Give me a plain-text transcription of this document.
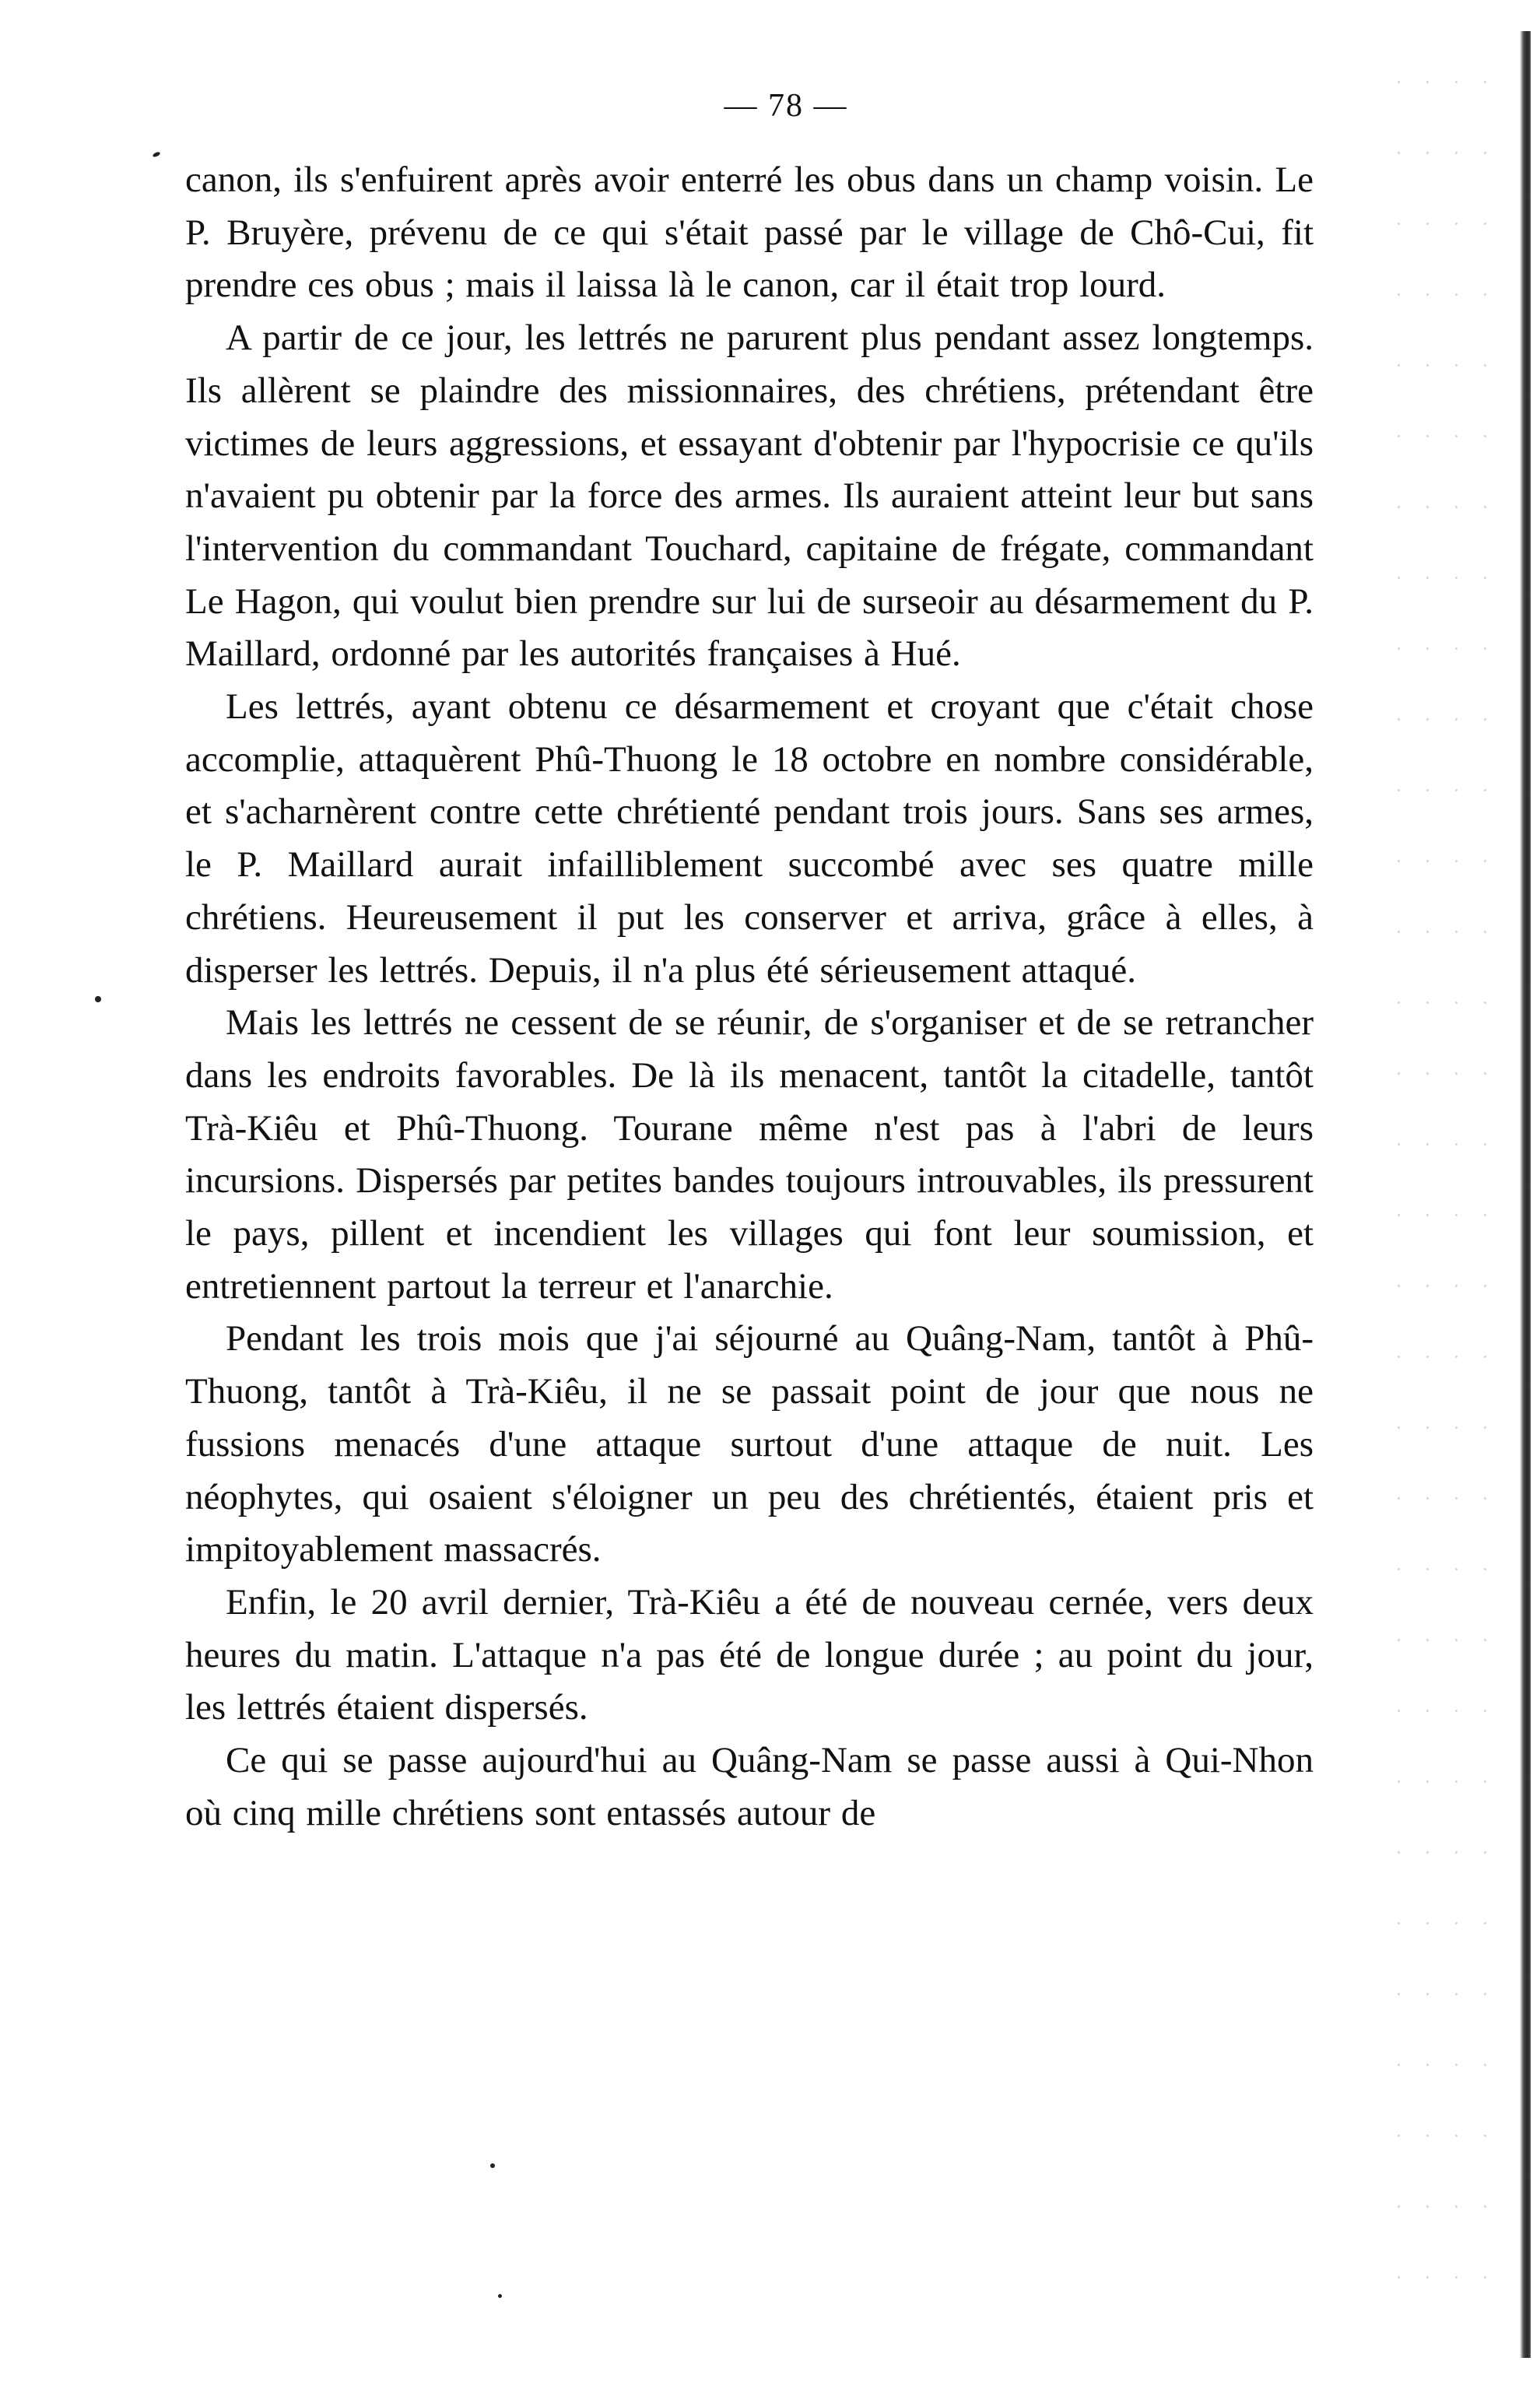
— 78 —

canon, ils s'enfuirent après avoir enterré les obus dans un champ voisin. Le P. Bruyère, prévenu de ce qui s'était passé par le village de Chô-Cui, fit prendre ces obus ; mais il laissa là le canon, car il était trop lourd.

A partir de ce jour, les lettrés ne parurent plus pendant assez longtemps. Ils allèrent se plaindre des missionnaires, des chrétiens, prétendant être victimes de leurs aggressions, et essayant d'obtenir par l'hypocrisie ce qu'ils n'avaient pu obtenir par la force des armes. Ils auraient atteint leur but sans l'intervention du commandant Touchard, capitaine de frégate, commandant Le Hagon, qui voulut bien prendre sur lui de surseoir au désarmement du P. Maillard, ordonné par les autorités françaises à Hué.

Les lettrés, ayant obtenu ce désarmement et croyant que c'était chose accomplie, attaquèrent Phû-Thuong le 18 octobre en nombre considérable, et s'acharnèrent contre cette chrétienté pendant trois jours. Sans ses armes, le P. Maillard aurait infailliblement succombé avec ses quatre mille chrétiens. Heureusement il put les conserver et arriva, grâce à elles, à disperser les lettrés. Depuis, il n'a plus été sérieusement attaqué.

Mais les lettrés ne cessent de se réunir, de s'organiser et de se retrancher dans les endroits favorables. De là ils menacent, tantôt la citadelle, tantôt Trà-Kiêu et Phû-Thuong. Tourane même n'est pas à l'abri de leurs incursions. Dispersés par petites bandes toujours introuvables, ils pressurent le pays, pillent et incendient les villages qui font leur soumission, et entretiennent partout la terreur et l'anarchie.

Pendant les trois mois que j'ai séjourné au Quâng-Nam, tantôt à Phû-Thuong, tantôt à Trà-Kiêu, il ne se passait point de jour que nous ne fussions menacés d'une attaque surtout d'une attaque de nuit. Les néophytes, qui osaient s'éloigner un peu des chrétientés, étaient pris et impitoyablement massacrés.

Enfin, le 20 avril dernier, Trà-Kiêu a été de nouveau cernée, vers deux heures du matin. L'attaque n'a pas été de longue durée ; au point du jour, les lettrés étaient dispersés.

Ce qui se passe aujourd'hui au Quâng-Nam se passe aussi à Qui-Nhon où cinq mille chrétiens sont entassés autour de
